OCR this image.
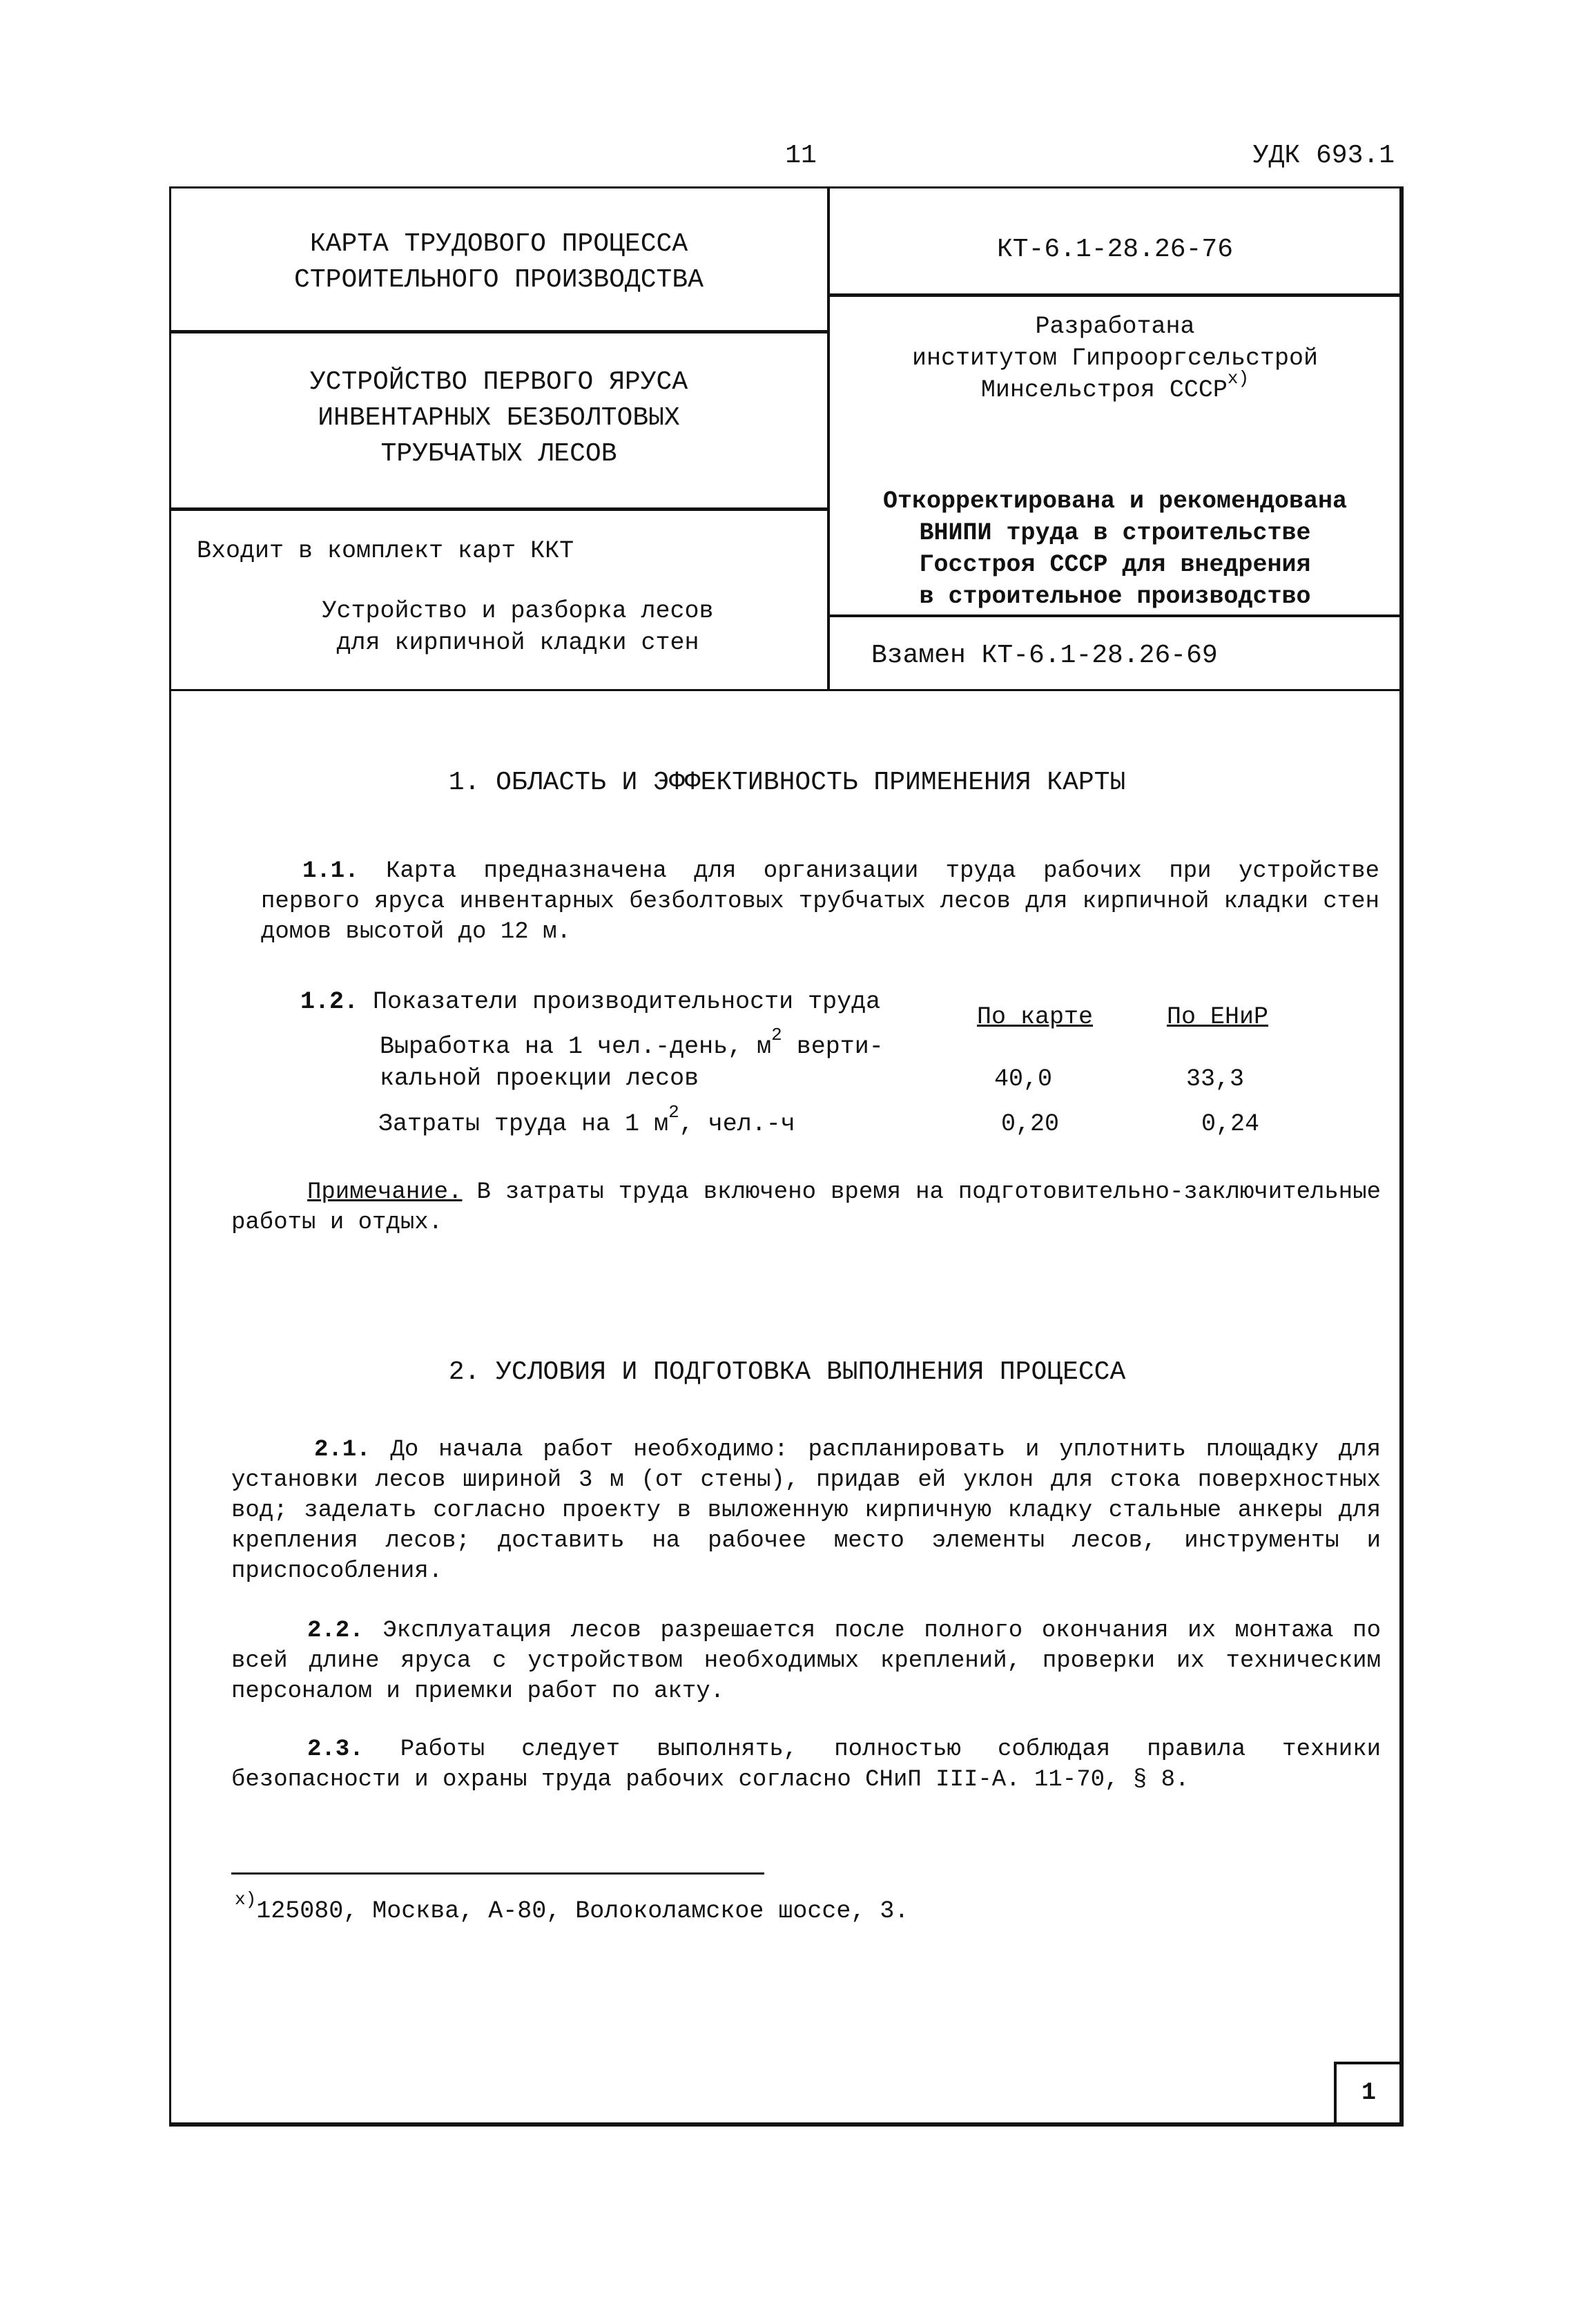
11	УДК 693.1
КАРТА ТРУДОВОГО ПРОЦЕССА
СТРОИТЕЛЬНОГО ПРОИЗВОДСТВА
УСТРОЙСТВО ПЕРВОГО ЯРУСА
ИНВЕНТАРНЫХ БЕЗБОЛТОВЫХ
ТРУБЧАТЫХ ЛЕСОВ
Входит в комплект карт ККТ
Устройство и разборка лесов
для кирпичной кладки стен
КТ-6.1-28.26-76
Разработана
институтом Гипрооргсельстрой
Минсельстроя $СССР^{х)}$
Откорректирована и рекомендована
ВНИПИ труда в строительстве
Госстроя СССР для внедрения
в строительное производство
Взамен КТ-6.1-28.26-69
1. ОБЛАСТЬ И ЭФФЕКТИВНОСТЬ ПРИМЕНЕНИЯ КАРТЫ
1.1. Карта предназначена для организации труда рабочих при устройстве первого яруса инвентарных безболтовых трубчатых лесов для кирпичной кладки стен домов высотой до 12 м.
1.2. Показатели производительности труда
По карте	По ЕНиР
Выработка на 1 чел.-день, $м^2$ верти-
кальной проекции лесов	40,0	33,3
Затраты труда на 1 $м^2$, чел.-ч	0,20	0,24
Примечание. В затраты труда включено время на подготовительно-заключительные работы и отдых.
2. УСЛОВИЯ И ПОДГОТОВКА ВЫПОЛНЕНИЯ ПРОЦЕССА
2.1. До начала работ необходимо: распланировать и уплотнить площадку для установки лесов шириной 3 м (от стены), придав ей уклон для стока поверхностных вод; заделать согласно проекту в выложенную кирпичную кладку стальные анкеры для крепления лесов; доставить на рабочее место элементы лесов, инструменты и приспособления.
2.2. Эксплуатация лесов разрешается после полного окончания их монтажа по всей длине яруса с устройством необходимых креплений, проверки их техническим персоналом и приемки работ по акту.
2.3. Работы следует выполнять, полностью соблюдая правила техники безопасности и охраны труда рабочих согласно СНиП III-А. 11-70, § 8.
$^{х)}$125080, Москва, А-80, Волоколамское шоссе, 3.
1
